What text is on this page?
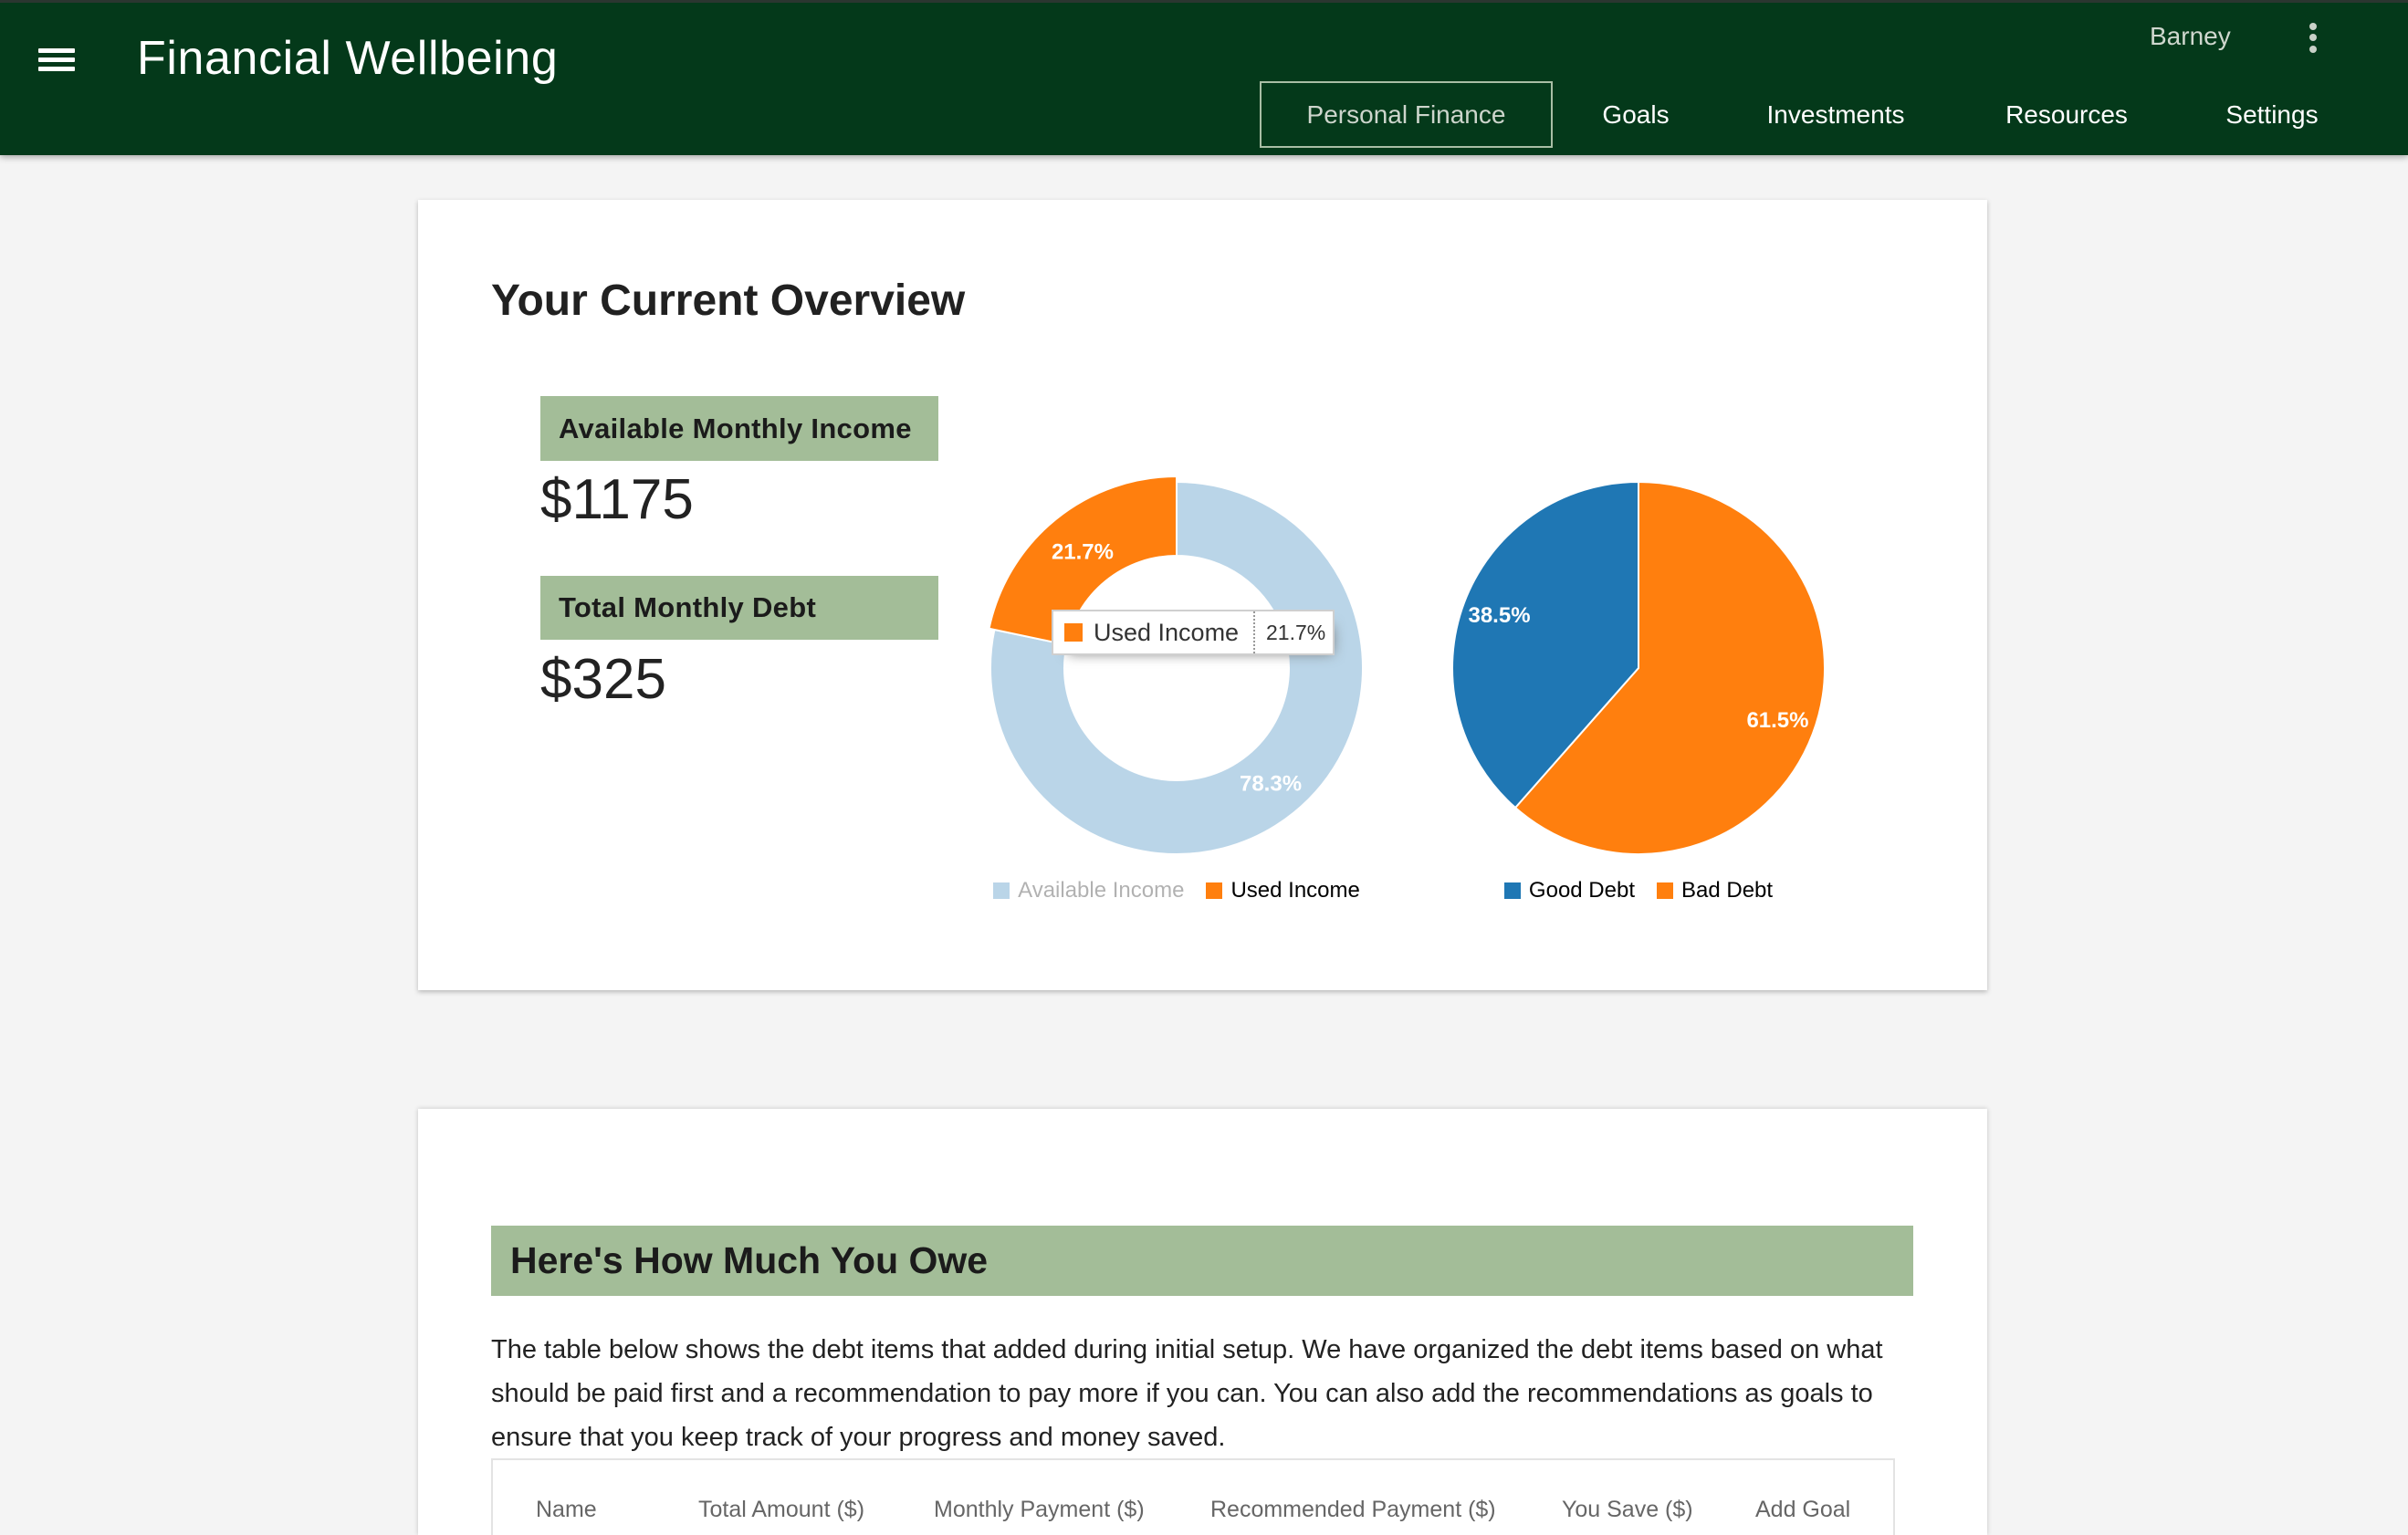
Financial Wellbeing	Barney
Personal Finance	Goals	Investments	Resources	Settings
Your Current Overview
Available Monthly Income
$1175
Total Monthly Debt
$325
78.3%
21.7%
Available Income Used Income
61.5%
38.5%
Good Debt Bad Debt
Used Income	21.7%
Here's How Much You Owe
The table below shows the debt items that added during initial setup. We have organized the debt items based on what
should be paid first and a recommendation to pay more if you can. You can also add the recommendations as goals to
ensure that you keep track of your progress and money saved.
Name	Total Amount ($)	Monthly Payment ($)	Recommended Payment ($)	You Save ($)	Add Goal
